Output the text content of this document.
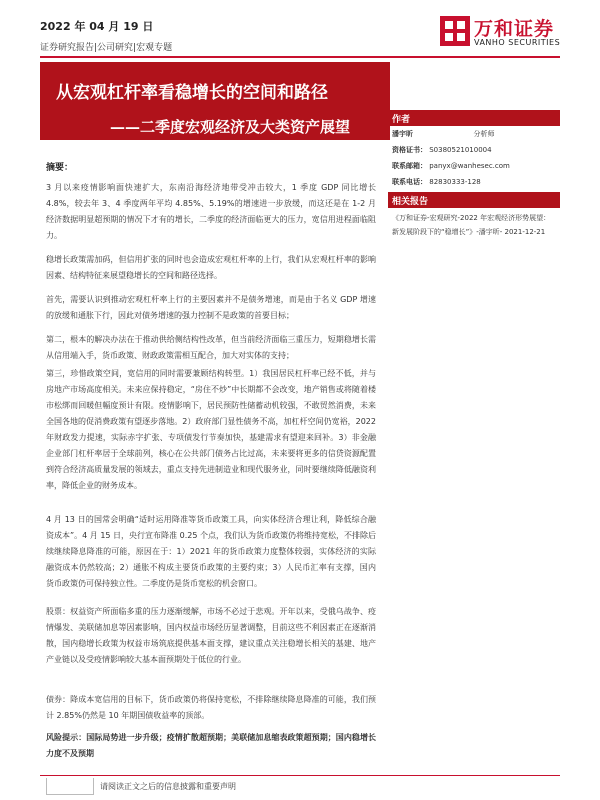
2022 年 04 月 19 日
证券研究报告|公司研究|宏观专题
万和证券
VANHO SECURITIES
从宏观杠杆率看稳增长的空间和路径
——二季度宏观经济及大类资产展望	作者
潘宇昕	分析师
资格证书： S0380521010004
联系邮箱： panyx@wanhesec.com
联系电话： 82830333-128
相关报告
《万和证券-宏观研究-2022 年宏观经济形势展望：新发展阶段下的“稳增长”》-潘宇昕- 2021-12-21
摘要：
3 月以来疫情影响面快速扩大，东南沿海经济地带受冲击较大，1 季度 GDP 同比增长 4.8%，较去年 3、4 季度两年平均 4.85%、5.19%的增速进一步放缓，而这还是在 1-2 月经济数据明显超预期的情况下才有的增长，二季度的经济面临更大的压力，宽信用进程面临阻力。
稳增长政策需加码，但信用扩张的同时也会造成宏观杠杆率的上行，我们从宏观杠杆率的影响因素、结构特征来展望稳增长的空间和路径选择。
首先，需要认识到推动宏观杠杆率上行的主要因素并不是债务增速，而是由于名义 GDP 增速的放缓和通胀下行，因此对债务增速的强力控制不是政策的首要目标；
第二，根本的解决办法在于推动供给侧结构性改革，但当前经济面临三重压力，短期稳增长需从信用端入手，货币政策、财政政策需相互配合，加大对实体的支持；
第三，珍惜政策空间，宽信用的同时需要兼顾结构转型。1）我国居民杠杆率已经不低，并与房地产市场高度相关。未来应保持稳定，“房住不炒”中长期都不会改变，地产销售或将随着楼市松绑而回暖但幅度预计有限。疫情影响下，居民预防性储蓄动机较强，不敢贸然消费，未来全国各地的促消费政策有望逐步落地。2）政府部门显性债务不高，加杠杆空间仍宽裕，2022 年财政发力提速，实际赤字扩张、专项债发行节奏加快，基建需求有望迎来回补。3）非金融企业部门杠杆率居于全球前列，核心在公共部门债务占比过高，未来要将更多的信贷资源配置到符合经济高质量发展的领域去，重点支持先进制造业和现代服务业，同时要继续降低融资利率，降低企业的财务成本。
4 月 13 日的国常会明确“适时运用降准等货币政策工具，向实体经济合理让利，降低综合融资成本”。4 月 15 日，央行宣布降准 0.25 个点，我们认为货币政策仍将维持宽松，不排除后续继续降息降准的可能，原因在于：1）2021 年的货币政策力度整体较弱，实体经济的实际融资成本仍然较高；2）通胀不构成主要货币政策的主要约束；3）人民币汇率有支撑，国内货币政策仍可保持独立性。二季度仍是货币宽松的机会窗口。
股票：权益资产所面临多重的压力逐渐缓解，市场不必过于悲观。开年以来，受俄乌战争、疫情爆发、美联储加息等因素影响，国内权益市场经历显著调整，目前这些不利因素正在逐渐消散，国内稳增长政策为权益市场筑底提供基本面支撑，建议重点关注稳增长相关的基建、地产产业链以及受疫情影响较大基本面预期处于低位的行业。
债券：降成本宽信用的目标下，货币政策仍将保持宽松，不排除继续降息降准的可能，我们预计 2.85%仍然是 10 年期国债收益率的顶部。
风险提示：国际局势进一步升级；疫情扩散超预期；美联储加息缩表政策超预期；国内稳增长力度不及预期
请阅读正文之后的信息披露和重要声明
